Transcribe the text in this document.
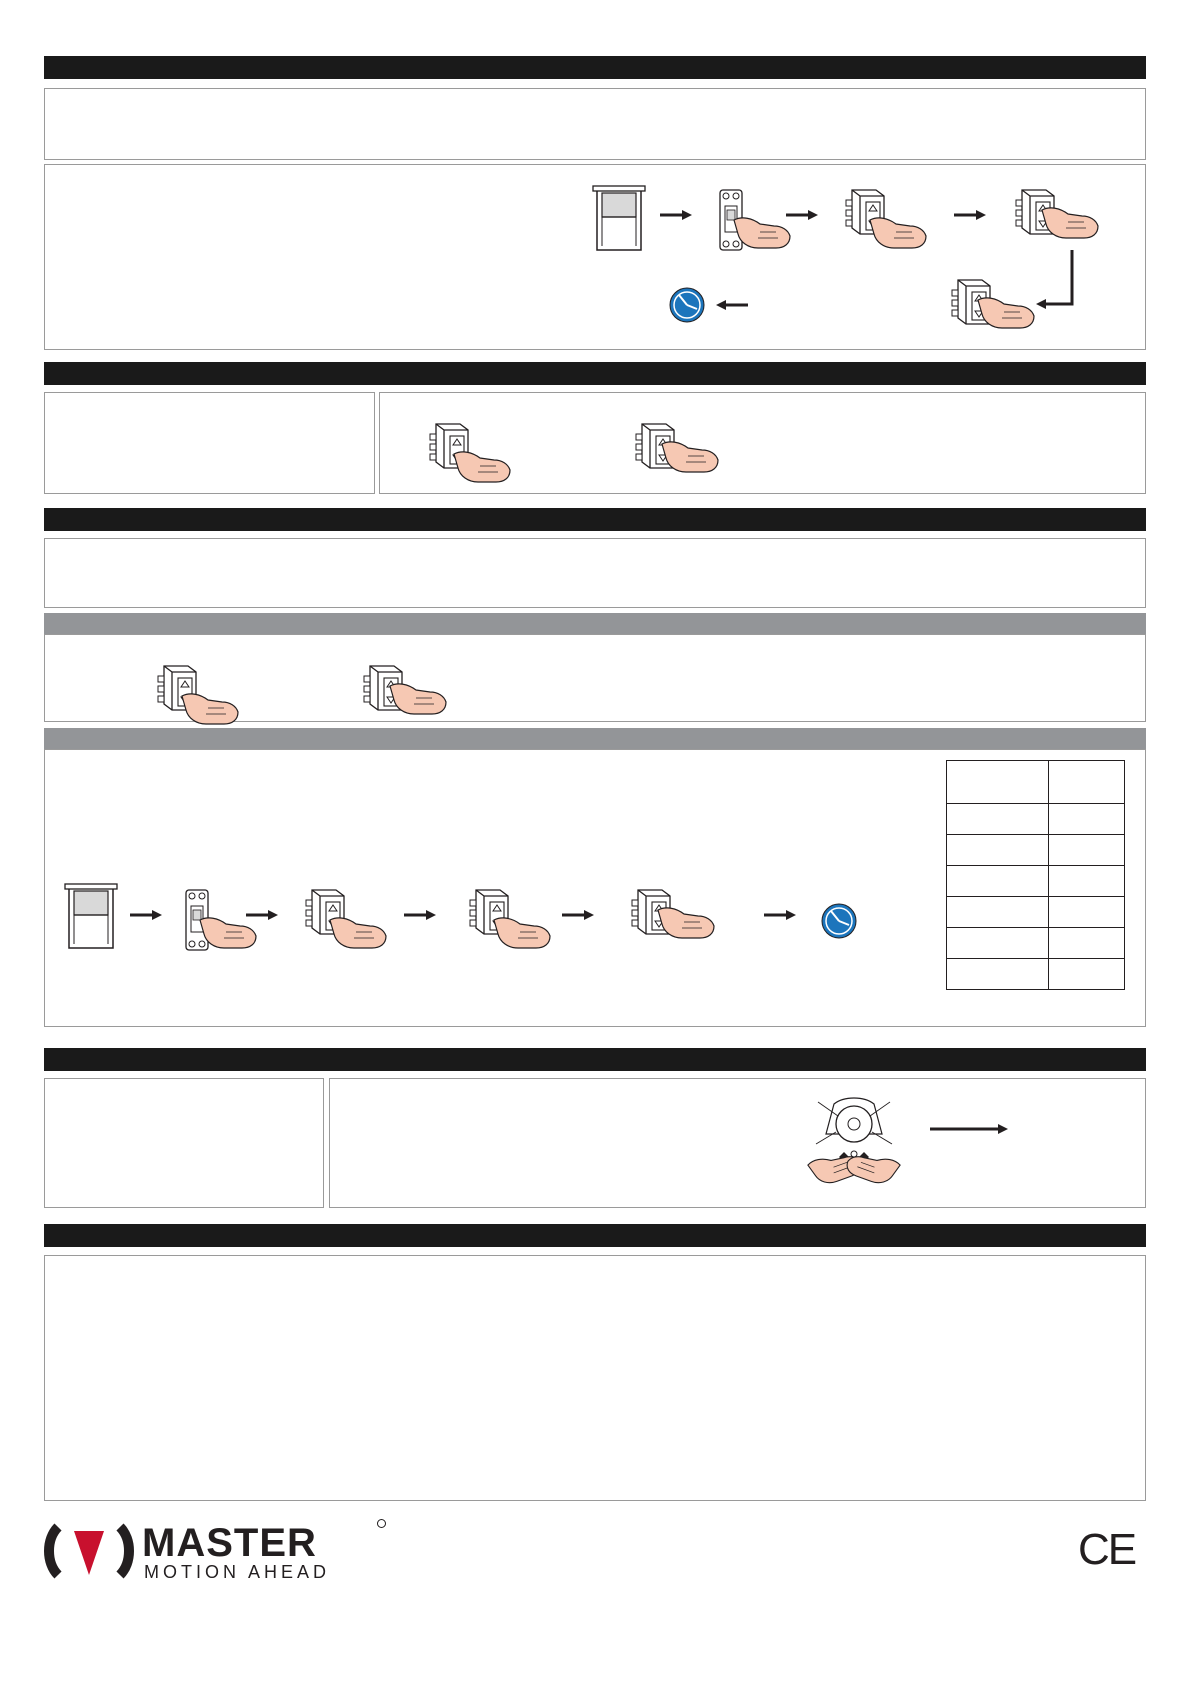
MASTER
MOTION AHEAD	CE
